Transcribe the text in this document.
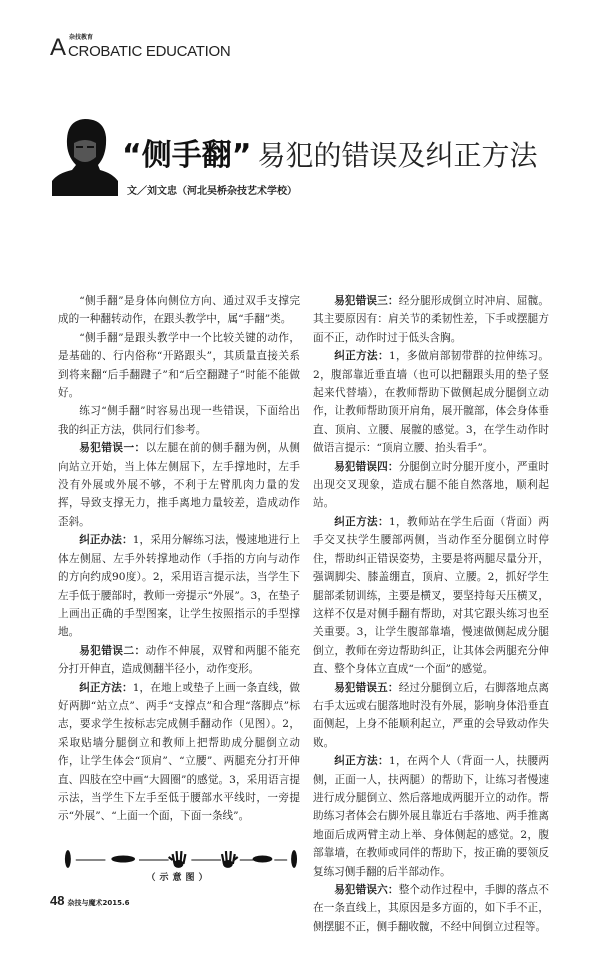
A 杂技教育
CROBATIC EDUCATION
“侧手翻” 易犯的错误及纠正方法
文／刘文忠（河北吴桥杂技艺术学校）

“侧手翻”是身体向侧位方向、通过双手支撑完成的一种翻转动作，在跟头教学中，属“手翻”类。

“侧手翻”是跟头教学中一个比较关键的动作，是基础的、行内俗称“开路跟头”，其质量直接关系到将来翻“后手翻踺子”和“后空翻踺子”时能不能做好。

练习“侧手翻”时容易出现一些错误，下面给出我的纠正方法，供同行们参考。

易犯错误一：以左腿在前的侧手翻为例，从侧向站立开始，当上体左侧屈下，左手撑地时，左手没有外展或外展不够，不利于左臂肌肉力量的发挥，导致支撑无力，推手离地力量较差，造成动作歪斜。

纠正办法：1，采用分解练习法，慢速地进行上体左侧屈、左手外转撑地动作（手指的方向与动作的方向约成90度）。2，采用语言提示法，当学生下左手低于腰部时，教师一旁提示“外展”。3，在垫子上画出正确的手型图案，让学生按照指示的手型撑地。

易犯错误二：动作不伸展，双臂和两腿不能充分打开伸直，造成侧翻半径小，动作变形。

纠正方法：1，在地上或垫子上画一条直线，做好两脚“站立点”、两手“支撑点”和合理“落脚点”标志，要求学生按标志完成侧手翻动作（见图）。2，采取贴墙分腿倒立和教师上把帮助成分腿倒立动作，让学生体会“顶肩”、“立腰”、两腿充分打开伸直、四肢在空中画“大圆圈”的感觉。3，采用语言提示法，当学生下左手至低于腰部水平线时，一旁提示“外展”、“上面一个面，下面一条线”。

（示意图）
48 杂技与魔术2015.6

易犯错误三：经分腿形成倒立时冲肩、屈髋。其主要原因有：肩关节的柔韧性差，下手或摆腿方面不正，动作时过于低头含胸。

纠正方法：1，多做肩部韧带群的拉伸练习。2，腹部靠近垂直墙（也可以把翻跟头用的垫子竖起来代替墙），在教师帮助下做侧起成分腿倒立动作，让教师帮助顶开肩角，展开髋部，体会身体垂直、顶肩、立腰、展髋的感觉。3，在学生动作时做语言提示：“顶肩立腰、抬头看手”。

易犯错误四：分腿倒立时分腿开度小，严重时出现交叉现象，造成右腿不能自然落地，顺利起站。

纠正方法：1，教师站在学生后面（背面）两手交叉扶学生腰部两侧，当动作至分腿倒立时停住，帮助纠正错误姿势，主要是将两腿尽量分开，强调脚尖、膝盖绷直，顶肩、立腰。2，抓好学生腿部柔韧训练，主要是横叉，要坚持每天压横叉，这样不仅是对侧手翻有帮助，对其它跟头练习也至关重要。3，让学生腹部靠墙，慢速做侧起成分腿倒立，教师在旁边帮助纠正，让其体会两腿充分伸直、整个身体立直成“一个面”的感觉。

易犯错误五：经过分腿倒立后，右脚落地点离右手太远或右腿落地时没有外展，影响身体沿垂直面侧起，上身不能顺利起立，严重的会导致动作失败。

纠正方法：1，在两个人（背面一人，扶腰两侧，正面一人，扶两腿）的帮助下，让练习者慢速进行成分腿倒立、然后落地成两腿开立的动作。帮助练习者体会右脚外展且靠近右手落地、两手推离地面后成两臂主动上举、身体侧起的感觉。2，腹部靠墙，在教师或同伴的帮助下，按正确的要领反复练习侧手翻的后半部动作。

易犯错误六：整个动作过程中，手脚的落点不在一条直线上，其原因是多方面的，如下手不正，侧摆腿不正，侧手翻收髋，不经中间倒立过程等。
